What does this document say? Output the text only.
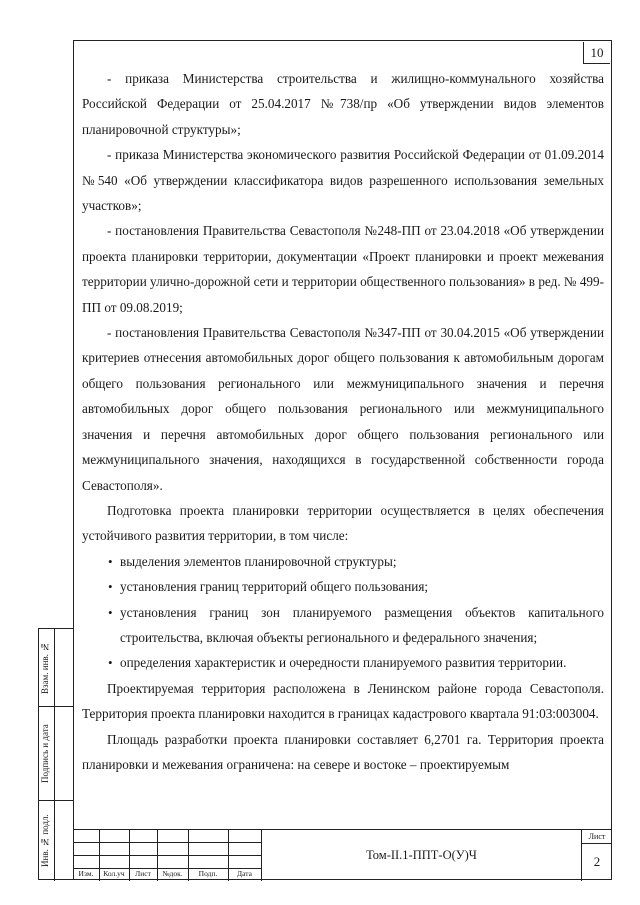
10

- приказа Министерства строительства и жилищно-коммунального хозяйства Российской Федерации от 25.04.2017 №738/пр «Об утверждении видов элементов планировочной структуры»;

- приказа Министерства экономического развития Российской Федерации от 01.09.2014 №540 «Об утверждении классификатора видов разрешенного использования земельных участков»;

- постановления Правительства Севастополя №248-ПП от 23.04.2018 «Об утверждении проекта планировки территории, документации «Проект планировки и проект межевания территории улично-дорожной сети и территории общественного пользования» в ред. № 499-ПП от 09.08.2019;

- постановления Правительства Севастополя №347-ПП от 30.04.2015 «Об утверждении критериев отнесения автомобильных дорог общего пользования к автомобильным дорогам общего пользования регионального или межмуниципального значения и перечня автомобильных дорог общего пользования регионального или межмуниципального значения и перечня автомобильных дорог общего пользования регионального или межмуниципального значения, находящихся в государственной собственности города Севастополя».

Подготовка проекта планировки территории осуществляется в целях обеспечения устойчивого развития территории, в том числе:

• выделения элементов планировочной структуры;
• установления границ территорий общего пользования;
• установления границ зон планируемого размещения объектов капитального строительства, включая объекты регионального и федерального значения;
• определения характеристик и очередности планируемого развития территории.

Проектируемая территория расположена в Ленинском районе города Севастополя. Территория проекта планировки находится в границах кадастрового квартала 91:03:003004.

Площадь разработки проекта планировки составляет 6,2701 га. Территория проекта планировки и межевания ограничена: на севере и востоке – проектируемым

Взам. инв. №
Подпись и дата
Инв. № подл.
Изм.	Кол.уч	Лист	№док.	Подп.	Дата
Том-II.1-ППТ-О(У)Ч
Лист
2
